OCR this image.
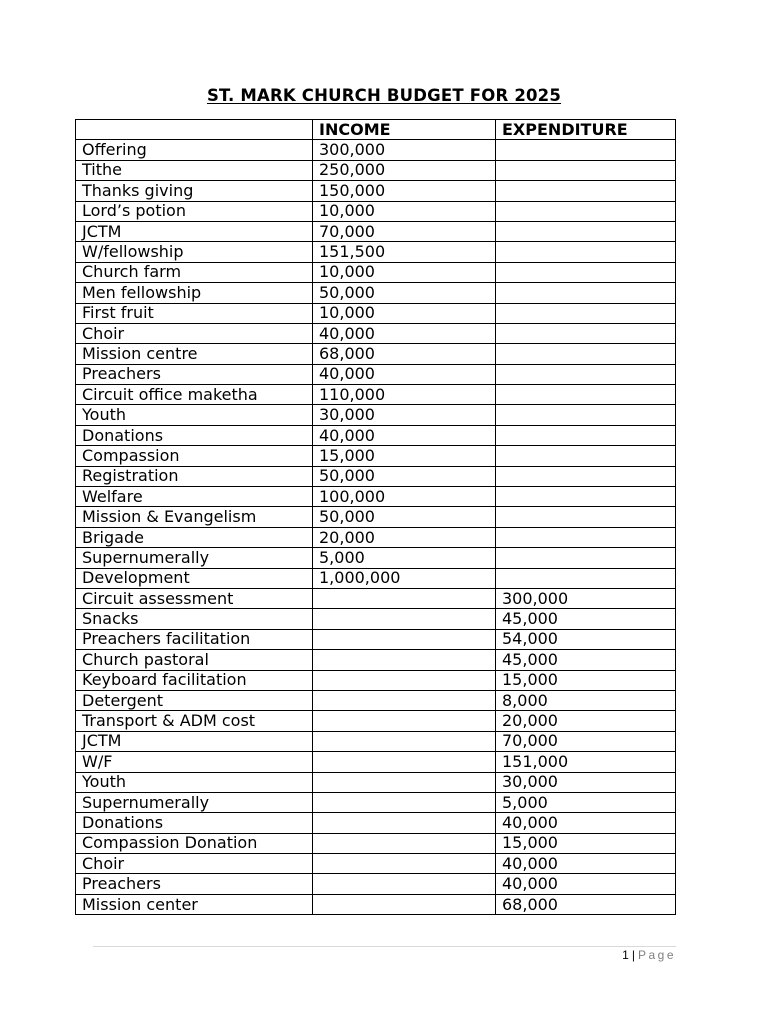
ST. MARK CHURCH BUDGET FOR 2025
	INCOME	EXPENDITURE
Offering	300,000	
Tithe	250,000	
Thanks giving	150,000	
Lord’s potion	10,000	
JCTM	70,000	
W/fellowship	151,500	
Church farm	10,000	
Men fellowship	50,000	
First fruit	10,000	
Choir	40,000	
Mission centre	68,000	
Preachers	40,000	
Circuit office maketha	110,000	
Youth	30,000	
Donations	40,000	
Compassion	15,000	
Registration	50,000	
Welfare	100,000	
Mission & Evangelism	50,000	
Brigade	20,000	
Supernumerally	5,000	
Development	1,000,000	
Circuit assessment		300,000
Snacks		45,000
Preachers facilitation		54,000
Church pastoral		45,000
Keyboard facilitation		15,000
Detergent		8,000
Transport & ADM cost		20,000
JCTM		70,000
W/F		151,000
Youth		30,000
Supernumerally		5,000
Donations		40,000
Compassion Donation		15,000
Choir		40,000
Preachers		40,000
Mission center		68,000
1 | Page
